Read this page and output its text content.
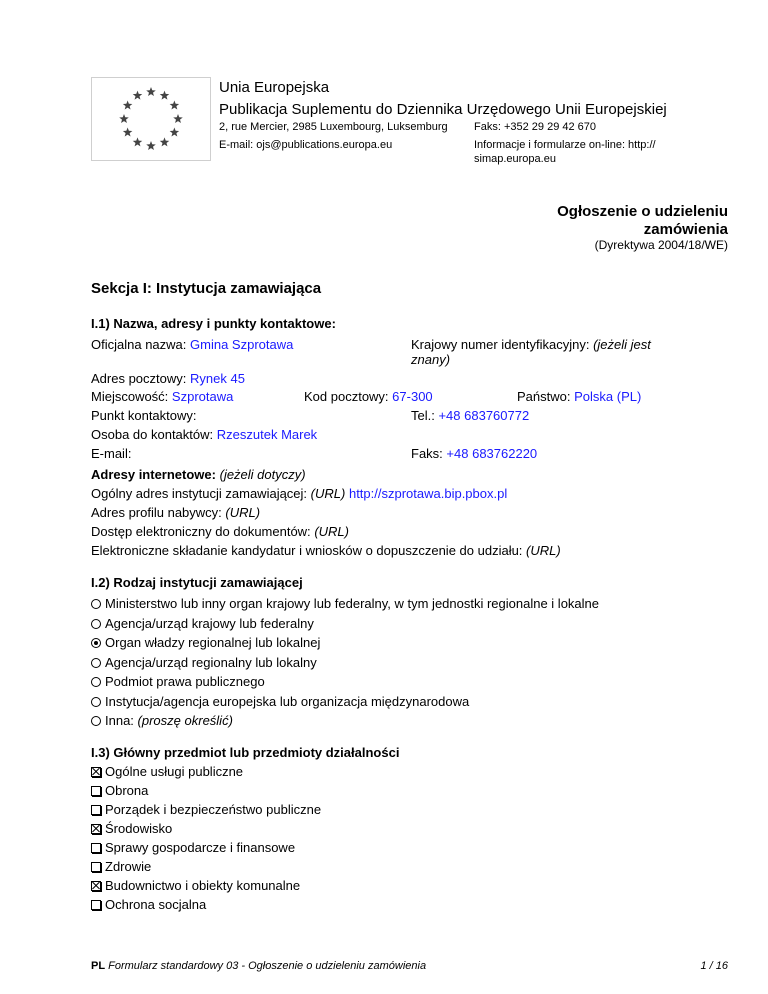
Unia Europejska
Publikacja Suplementu do Dziennika Urzędowego Unii Europejskiej
2, rue Mercier, 2985 Luxembourg, Luksemburg Faks: +352 29 29 42 670
E-mail: ojs@publications.europa.eu	Informacje i formularze on-line: http://
simap.europa.eu
Ogłoszenie o udzieleniu
zamówienia
(Dyrektywa 2004/18/WE)
Sekcja I: Instytucja zamawiająca
I.1) Nazwa, adresy i punkty kontaktowe:
Oficjalna nazwa: Gmina Szprotawa	Krajowy numer identyfikacyjny: (jeżeli jest
znany)
Adres pocztowy: Rynek 45
Miejscowość: Szprotawa	Kod pocztowy: 67-300	Państwo: Polska (PL)
Punkt kontaktowy:	Tel.: +48 683760772
Osoba do kontaktów: Rzeszutek Marek
E-mail:	Faks: +48 683762220
Adresy internetowe: (jeżeli dotyczy)
Ogólny adres instytucji zamawiającej: (URL) http://szprotawa.bip.pbox.pl
Adres profilu nabywcy: (URL)
Dostęp elektroniczny do dokumentów: (URL)
Elektroniczne składanie kandydatur i wniosków o dopuszczenie do udziału: (URL)
I.2) Rodzaj instytucji zamawiającej
Ministerstwo lub inny organ krajowy lub federalny, w tym jednostki regionalne i lokalne
Agencja/urząd krajowy lub federalny
Organ władzy regionalnej lub lokalnej
Agencja/urząd regionalny lub lokalny
Podmiot prawa publicznego
Instytucja/agencja europejska lub organizacja międzynarodowa
Inna: (proszę określić)
I.3) Główny przedmiot lub przedmioty działalności
Ogólne usługi publiczne
Obrona
Porządek i bezpieczeństwo publiczne
Środowisko
Sprawy gospodarcze i finansowe
Zdrowie
Budownictwo i obiekty komunalne
Ochrona socjalna
PL Formularz standardowy 03 - Ogłoszenie o udzieleniu zamówienia	1 / 16
